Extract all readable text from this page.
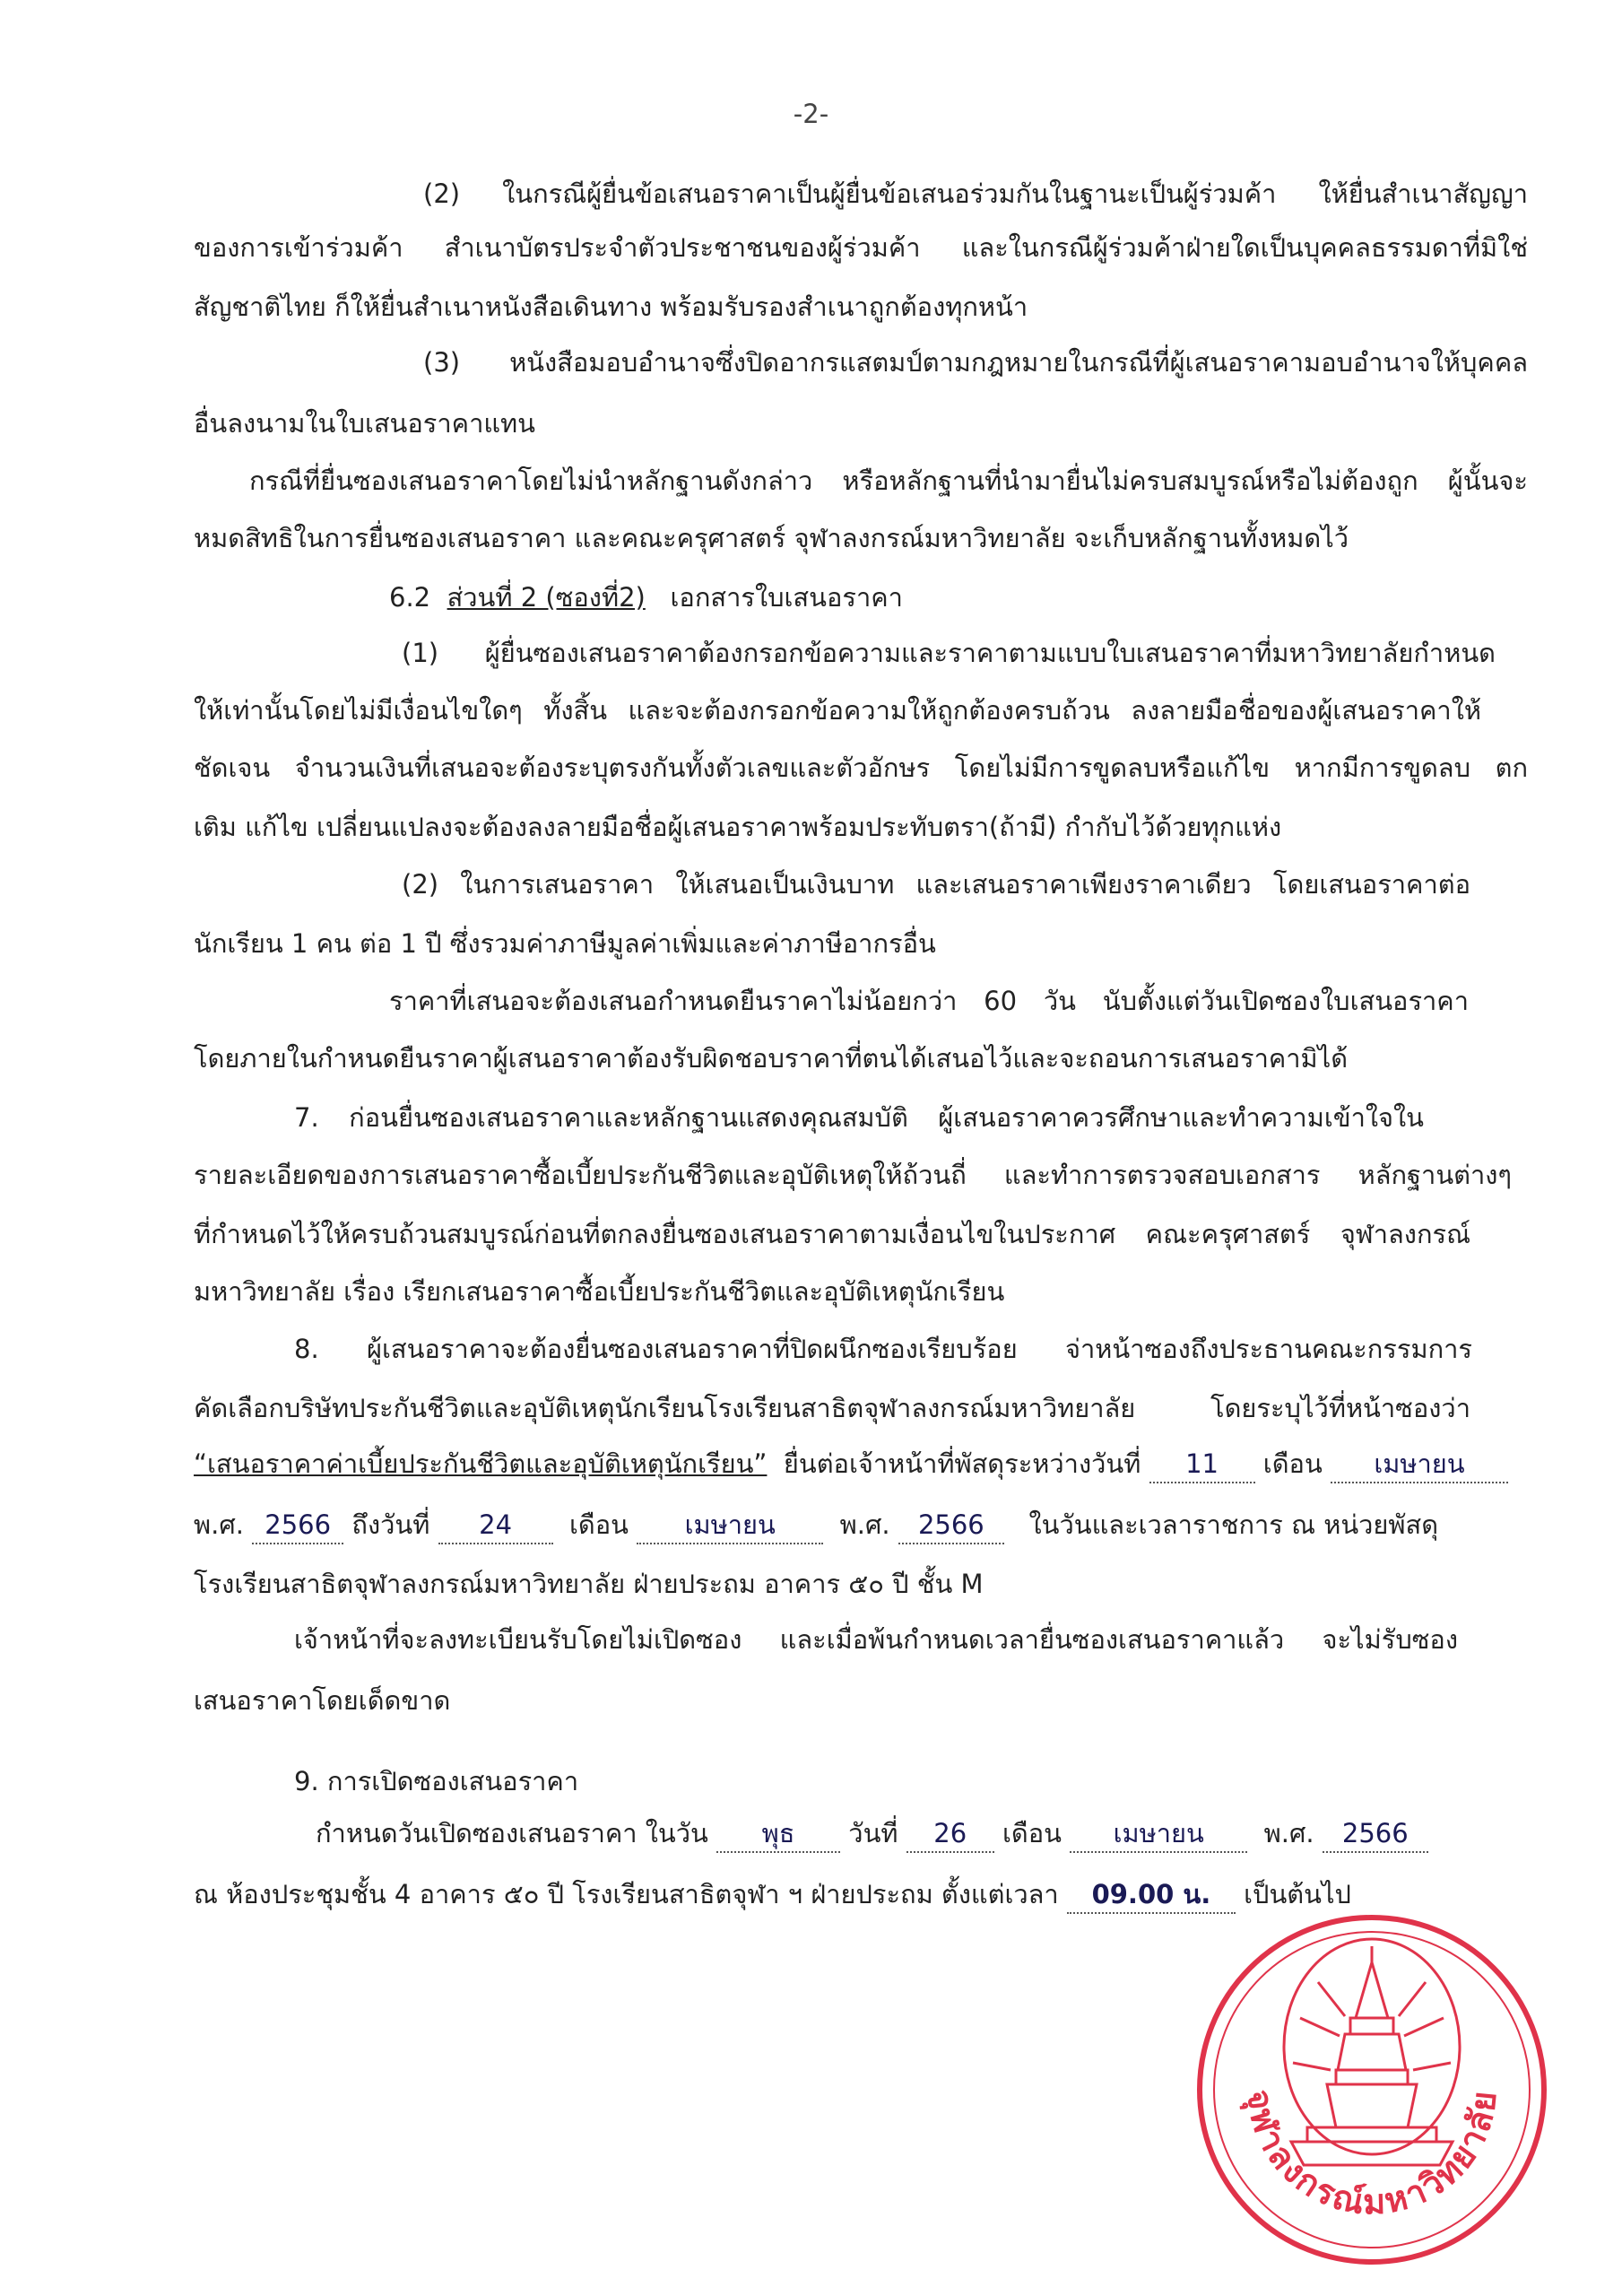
-2-
(2) ในกรณีผู้ยื่นข้อเสนอราคาเป็นผู้ยื่นข้อเสนอร่วมกันในฐานะเป็นผู้ร่วมค้า ให้ยื่นสำเนาสัญญา
ของการเข้าร่วมค้า สำเนาบัตรประจำตัวประชาชนของผู้ร่วมค้า และในกรณีผู้ร่วมค้าฝ่ายใดเป็นบุคคลธรรมดาที่มิใช่
สัญชาติไทย ก็ให้ยื่นสำเนาหนังสือเดินทาง พร้อมรับรองสำเนาถูกต้องทุกหน้า
(3) หนังสือมอบอำนาจซึ่งปิดอากรแสตมป์ตามกฎหมายในกรณีที่ผู้เสนอราคามอบอำนาจให้บุคคล
อื่นลงนามในใบเสนอราคาแทน
กรณีที่ยื่นซองเสนอราคาโดยไม่นำหลักฐานดังกล่าว หรือหลักฐานที่นำมายื่นไม่ครบสมบูรณ์หรือไม่ต้องถูก ผู้นั้นจะ
หมดสิทธิในการยื่นซองเสนอราคา และคณะครุศาสตร์ จุฬาลงกรณ์มหาวิทยาลัย จะเก็บหลักฐานทั้งหมดไว้
6.2 ส่วนที่ 2 (ซองที่2) เอกสารใบเสนอราคา
(1) ผู้ยื่นซองเสนอราคาต้องกรอกข้อความและราคาตามแบบใบเสนอราคาที่มหาวิทยาลัยกำหนด
ให้เท่านั้นโดยไม่มีเงื่อนไขใดๆ ทั้งสิ้น และจะต้องกรอกข้อความให้ถูกต้องครบถ้วน ลงลายมือชื่อของผู้เสนอราคาให้
ชัดเจน จำนวนเงินที่เสนอจะต้องระบุตรงกันทั้งตัวเลขและตัวอักษร โดยไม่มีการขูดลบหรือแก้ไข หากมีการขูดลบ ตก
เติม แก้ไข เปลี่ยนแปลงจะต้องลงลายมือชื่อผู้เสนอราคาพร้อมประทับตรา(ถ้ามี) กำกับไว้ด้วยทุกแห่ง
(2) ในการเสนอราคา ให้เสนอเป็นเงินบาท และเสนอราคาเพียงราคาเดียว โดยเสนอราคาต่อ
นักเรียน 1 คน ต่อ 1 ปี ซึ่งรวมค่าภาษีมูลค่าเพิ่มและค่าภาษีอากรอื่น
ราคาที่เสนอจะต้องเสนอกำหนดยืนราคาไม่น้อยกว่า 60 วัน นับตั้งแต่วันเปิดซองใบเสนอราคา
โดยภายในกำหนดยืนราคาผู้เสนอราคาต้องรับผิดชอบราคาที่ตนได้เสนอไว้และจะถอนการเสนอราคามิได้
7. ก่อนยื่นซองเสนอราคาและหลักฐานแสดงคุณสมบัติ ผู้เสนอราคาควรศึกษาและทำความเข้าใจใน
รายละเอียดของการเสนอราคาซื้อเบี้ยประกันชีวิตและอุบัติเหตุให้ถ้วนถี่ และทำการตรวจสอบเอกสาร หลักฐานต่างๆ
ที่กำหนดไว้ให้ครบถ้วนสมบูรณ์ก่อนที่ตกลงยื่นซองเสนอราคาตามเงื่อนไขในประกาศ คณะครุศาสตร์ จุฬาลงกรณ์
มหาวิทยาลัย เรื่อง เรียกเสนอราคาซื้อเบี้ยประกันชีวิตและอุบัติเหตุนักเรียน
8. ผู้เสนอราคาจะต้องยื่นซองเสนอราคาที่ปิดผนึกซองเรียบร้อย จ่าหน้าซองถึงประธานคณะกรรมการ
คัดเลือกบริษัทประกันชีวิตและอุบัติเหตุนักเรียนโรงเรียนสาธิตจุฬาลงกรณ์มหาวิทยาลัย โดยระบุไว้ที่หน้าซองว่า
“เสนอราคาค่าเบี้ยประกันชีวิตและอุบัติเหตุนักเรียน” ยื่นต่อเจ้าหน้าที่พัสดุระหว่างวันที่ 11 เดือน เมษายน
พ.ศ. 2566 ถึงวันที่ 24 เดือน เมษายน พ.ศ. 2566 ในวันและเวลาราชการ ณ หน่วยพัสดุ
โรงเรียนสาธิตจุฬาลงกรณ์มหาวิทยาลัย ฝ่ายประถม อาคาร ๕๐ ปี ชั้น M
เจ้าหน้าที่จะลงทะเบียนรับโดยไม่เปิดซอง และเมื่อพ้นกำหนดเวลายื่นซองเสนอราคาแล้ว จะไม่รับซอง
เสนอราคาโดยเด็ดขาด
9. การเปิดซองเสนอราคา
กำหนดวันเปิดซองเสนอราคา ในวัน พุธ วันที่ 26 เดือน เมษายน พ.ศ. 2566
ณ ห้องประชุมชั้น 4 อาคาร ๕๐ ปี โรงเรียนสาธิตจุฬา ฯ ฝ่ายประถม ตั้งแต่เวลา 09.00 น. เป็นต้นไป
จุฬาลงกรณ์มหาวิทยาลัย
